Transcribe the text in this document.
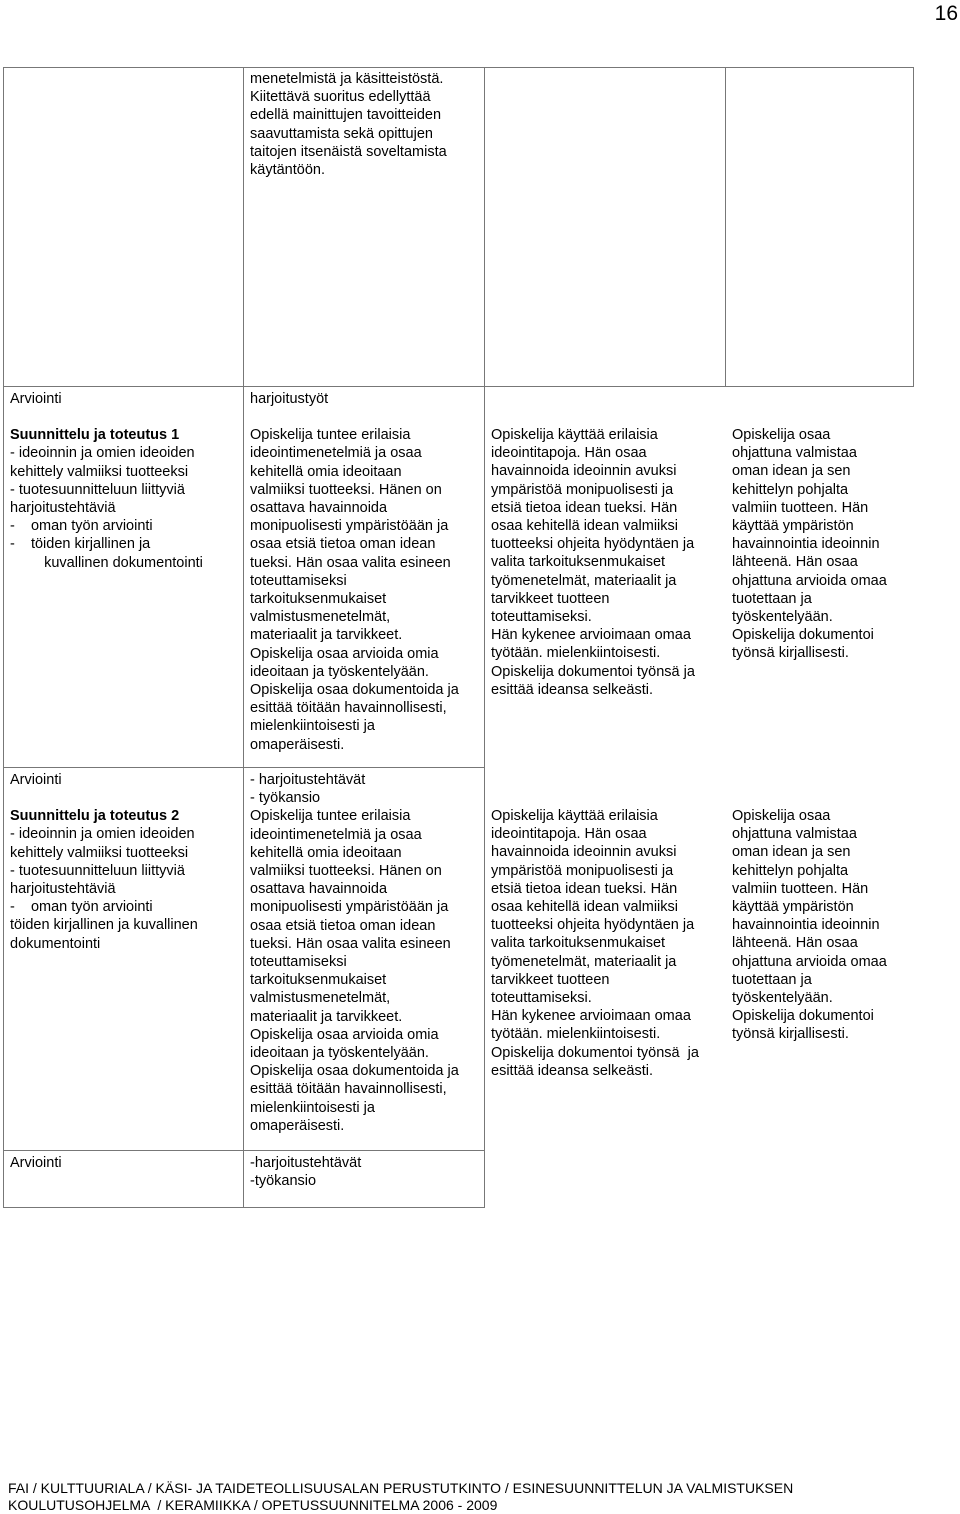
16

menetelmistä ja käsitteistöstä.

Kiitettävä suoritus edellyttää

edellä mainittujen tavoitteiden

saavuttamista sekä opittujen

taitojen itsenäistä soveltamista

käytäntöön.

Arviointi

Suunnittelu ja toteutus 1

- ideoinnin ja omien ideoiden

kehittely valmiiksi tuotteeksi

- tuotesuunnitteluun liittyviä

harjoitustehtäviä

-    oman työn arviointi

-    töiden kirjallinen ja

kuvallinen dokumentointi

harjoitustyöt

Opiskelija tuntee erilaisia

ideointimenetelmiä ja osaa

kehitellä omia ideoitaan

valmiiksi tuotteeksi. Hänen on

osattava havainnoida

monipuolisesti ympäristöään ja

osaa etsiä tietoa oman idean

tueksi. Hän osaa valita esineen

toteuttamiseksi

tarkoituksenmukaiset

valmistusmenetelmät,

materiaalit ja tarvikkeet.

Opiskelija osaa arvioida omia

ideoitaan ja työskentelyään.

Opiskelija osaa dokumentoida ja

esittää töitään havainnollisesti,

mielenkiintoisesti ja

omaperäisesti.

Opiskelija käyttää erilaisia

ideointitapoja. Hän osaa

havainnoida ideoinnin avuksi

ympäristöä monipuolisesti ja

etsiä tietoa idean tueksi. Hän

osaa kehitellä idean valmiiksi

tuotteeksi ohjeita hyödyntäen ja

valita tarkoituksenmukaiset

työmenetelmät, materiaalit ja

tarvikkeet tuotteen

toteuttamiseksi.

Hän kykenee arvioimaan omaa

työtään. mielenkiintoisesti.

Opiskelija dokumentoi työnsä ja

esittää ideansa selkeästi.

Opiskelija osaa

ohjattuna valmistaa

oman idean ja sen

kehittelyn pohjalta

valmiin tuotteen. Hän

käyttää ympäristön

havainnointia ideoinnin

lähteenä. Hän osaa

ohjattuna arvioida omaa

tuotettaan ja

työskentelyään.

Opiskelija dokumentoi

työnsä kirjallisesti.

Arviointi

Suunnittelu ja toteutus 2

- ideoinnin ja omien ideoiden

kehittely valmiiksi tuotteeksi

- tuotesuunnitteluun liittyviä

harjoitustehtäviä

-    oman työn arviointi

töiden kirjallinen ja kuvallinen

dokumentointi

- harjoitustehtävät

- työkansio

Opiskelija tuntee erilaisia

ideointimenetelmiä ja osaa

kehitellä omia ideoitaan

valmiiksi tuotteeksi. Hänen on

osattava havainnoida

monipuolisesti ympäristöään ja

osaa etsiä tietoa oman idean

tueksi. Hän osaa valita esineen

toteuttamiseksi

tarkoituksenmukaiset

valmistusmenetelmät,

materiaalit ja tarvikkeet.

Opiskelija osaa arvioida omia

ideoitaan ja työskentelyään.

Opiskelija osaa dokumentoida ja

esittää töitään havainnollisesti,

mielenkiintoisesti ja

omaperäisesti.

Opiskelija käyttää erilaisia

ideointitapoja. Hän osaa

havainnoida ideoinnin avuksi

ympäristöä monipuolisesti ja

etsiä tietoa idean tueksi. Hän

osaa kehitellä idean valmiiksi

tuotteeksi ohjeita hyödyntäen ja

valita tarkoituksenmukaiset

työmenetelmät, materiaalit ja

tarvikkeet tuotteen

toteuttamiseksi.

Hän kykenee arvioimaan omaa

työtään. mielenkiintoisesti.

Opiskelija dokumentoi työnsä  ja

esittää ideansa selkeästi.

Opiskelija osaa

ohjattuna valmistaa

oman idean ja sen

kehittelyn pohjalta

valmiin tuotteen. Hän

käyttää ympäristön

havainnointia ideoinnin

lähteenä. Hän osaa

ohjattuna arvioida omaa

tuotettaan ja

työskentelyään.

Opiskelija dokumentoi

työnsä kirjallisesti.

Arviointi	-harjoitustehtävät

-työkansio

FAI / KULTTUURIALA / KÄSI- JA TAIDETEOLLISUUSALAN PERUSTUTKINTO / ESINESUUNNITTELUN JA VALMISTUKSEN
KOULUTUSOHJELMA  / KERAMIIKKA / OPETUSSUUNNITELMA 2006 - 2009
